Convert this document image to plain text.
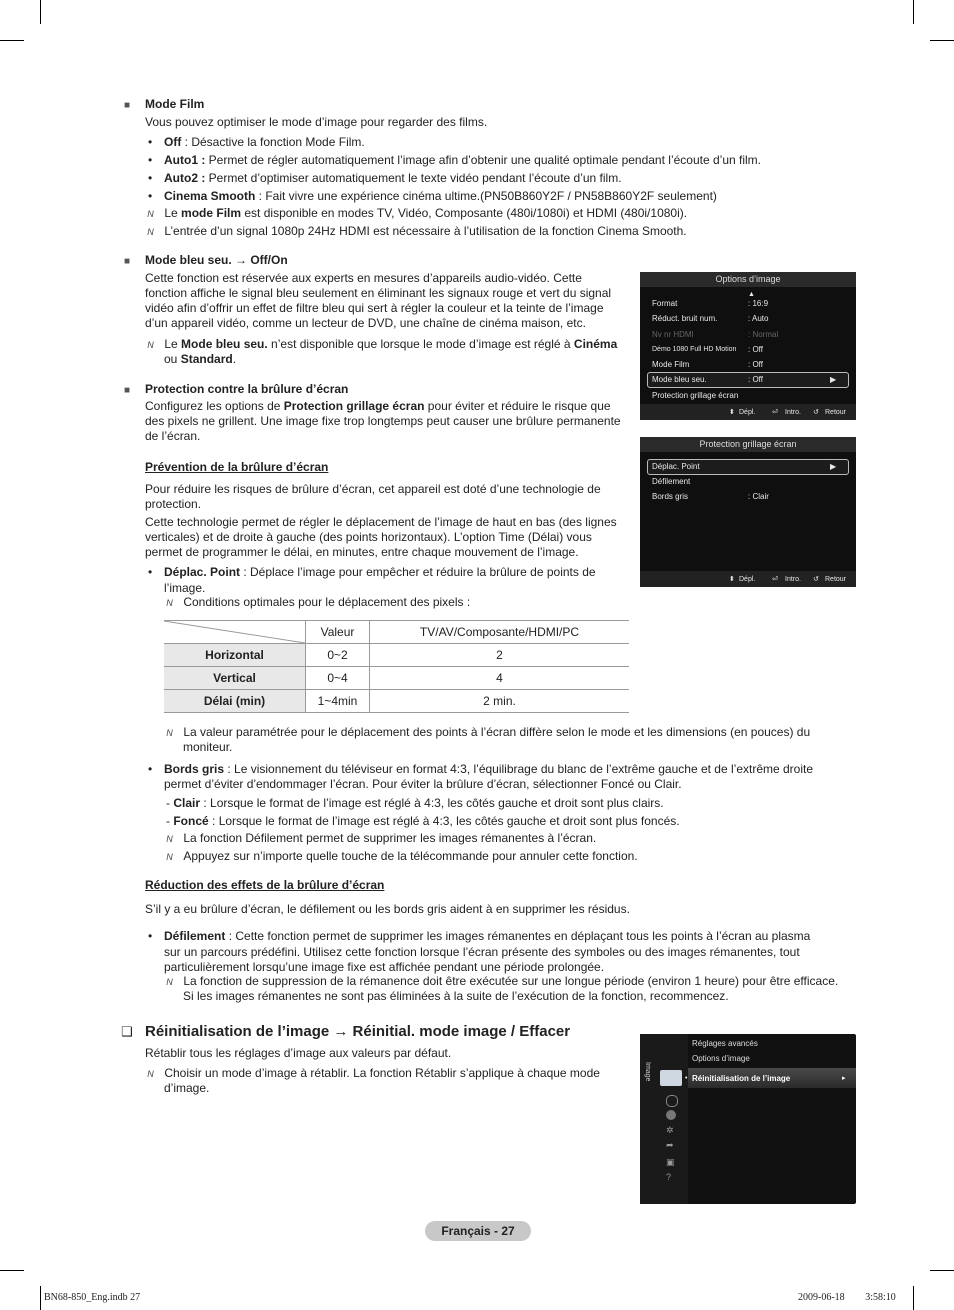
■ Mode Film
Vous pouvez optimiser le mode d’image pour regarder des films.
• Off : Désactive la fonction Mode Film.
• Auto1 : Permet de régler automatiquement l’image afin d’obtenir une qualité optimale pendant l’écoute d’un film.
• Auto2 : Permet d’optimiser automatiquement le texte vidéo pendant l’écoute d’un film.
• Cinema Smooth : Fait vivre une expérience cinéma ultime.(PN50B860Y2F / PN58B860Y2F seulement)
N Le mode Film est disponible en modes TV, Vidéo, Composante (480i/1080i) et HDMI (480i/1080i).
N L’entrée d’un signal 1080p 24Hz HDMI est nécessaire à l’utilisation de la fonction Cinema Smooth.
■ Mode bleu seu. → Off/On
Cette fonction est réservée aux experts en mesures d’appareils audio-vidéo. Cette
fonction affiche le signal bleu seulement en éliminant les signaux rouge et vert du signal
vidéo afin d’offrir un effet de filtre bleu qui sert à régler la couleur et la teinte de l’image
d’un appareil vidéo, comme un lecteur de DVD, une chaîne de cinéma maison, etc.
N Le Mode bleu seu. n’est disponible que lorsque le mode d’image est réglé à Cinéma
ou Standard.
■ Protection contre la brûlure d’écran
Configurez les options de Protection grillage écran pour éviter et réduire le risque que
des pixels ne grillent. Une image fixe trop longtemps peut causer une brûlure permanente
de l’écran.
Prévention de la brûlure d’écran
Pour réduire les risques de brûlure d’écran, cet appareil est doté d’une technologie de
protection.
Cette technologie permet de régler le déplacement de l’image de haut en bas (des lignes
verticales) et de droite à gauche (des points horizontaux). L’option Time (Délai) vous
permet de programmer le délai, en minutes, entre chaque mouvement de l’image.
• Déplac. Point : Déplace l’image pour empêcher et réduire la brûlure de points de
l’image.
N Conditions optimales pour le déplacement des pixels :
	Valeur	TV/AV/Composante/HDMI/PC
Horizontal	0~2	2
Vertical	0~4	4
Délai (min)	1~4min	2 min.
N La valeur paramétrée pour le déplacement des points à l’écran diffère selon le mode et les dimensions (en pouces) du
moniteur.
• Bords gris : Le visionnement du téléviseur en format 4:3, l’équilibrage du blanc de l’extrême gauche et de l’extrême droite
permet d’éviter d’endommager l’écran. Pour éviter la brûlure d’écran, sélectionner Foncé ou Clair.
- Clair : Lorsque le format de l’image est réglé à 4:3, les côtés gauche et droit sont plus clairs.
- Foncé : Lorsque le format de l’image est réglé à 4:3, les côtés gauche et droit sont plus foncés.
N La fonction Défilement permet de supprimer les images rémanentes à l’écran.
N Appuyez sur n’importe quelle touche de la télécommande pour annuler cette fonction.
Réduction des effets de la brûlure d’écran
S’il y a eu brûlure d’écran, le défilement ou les bords gris aident à en supprimer les résidus.
• Défilement : Cette fonction permet de supprimer les images rémanentes en déplaçant tous les points à l’écran au plasma
sur un parcours prédéfini. Utilisez cette fonction lorsque l’écran présente des symboles ou des images rémanentes, tout
particulièrement lorsqu’une image fixe est affichée pendant une période prolongée.
N La fonction de suppression de la rémanence doit être exécutée sur une longue période (environ 1 heure) pour être efficace.
Si les images rémanentes ne sont pas éliminées à la suite de l’exécution de la fonction, recommencez.
❑ Réinitialisation de l’image → Réinitial. mode image / Effacer
Rétablir tous les réglages d’image aux valeurs par défaut.
N Choisir un mode d’image à rétablir. La fonction Rétablir s’applique à chaque mode
d’image.
Options d’image
▲
Format	: 16:9
Réduct. bruit num.	: Auto
Nv nr HDMI	: Normal
Démo 1080 Full HD Motion : Off
Mode Film	: Off
Mode bleu seu.	: Off	▶
Protection grillage écran
⬍ Dépl. ⏎ Intro. ↺ Retour
Protection grillage écran
Déplac. Point	▶
Défilement
Bords gris	: Clair
⬍ Dépl. ⏎ Intro. ↺ Retour
Image
✲
➦
▣
?
Réglages avancés
Options d’image
• Réinitialisation de l’image	▸
Français - 27
BN68-850_Eng.indb 27	2009-06-18 ￿￿ 3:58:10
